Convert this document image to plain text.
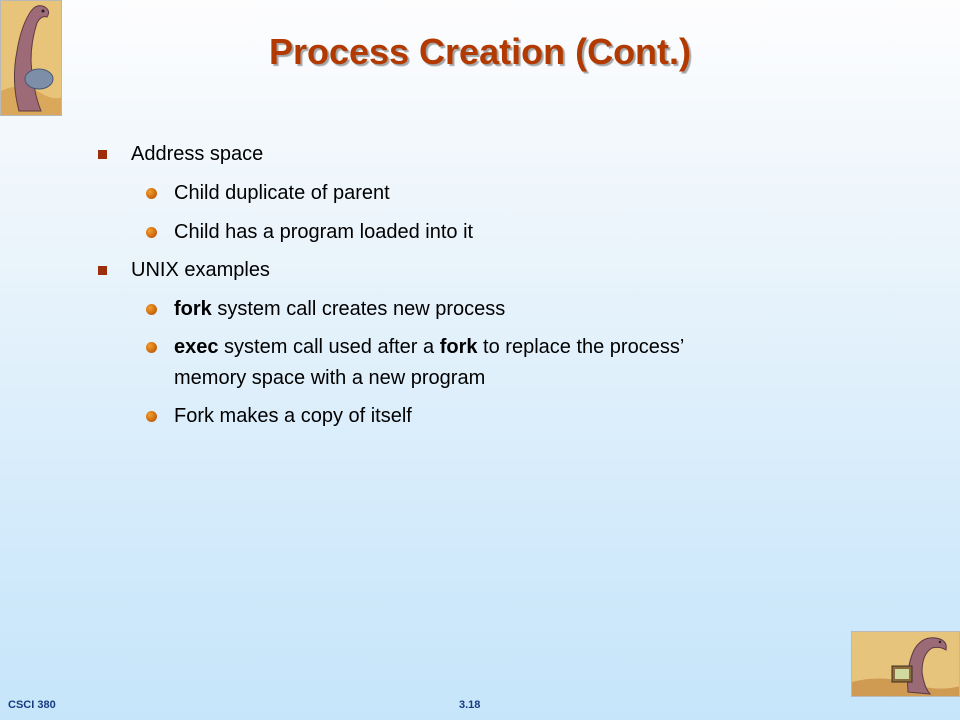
Process Creation (Cont.)
Address space
Child duplicate of parent
Child has a program loaded into it
UNIX examples
fork system call creates new process
exec system call used after a fork to replace the process’
memory space with a new program
Fork makes a copy of itself
CSCI 380	3.18
